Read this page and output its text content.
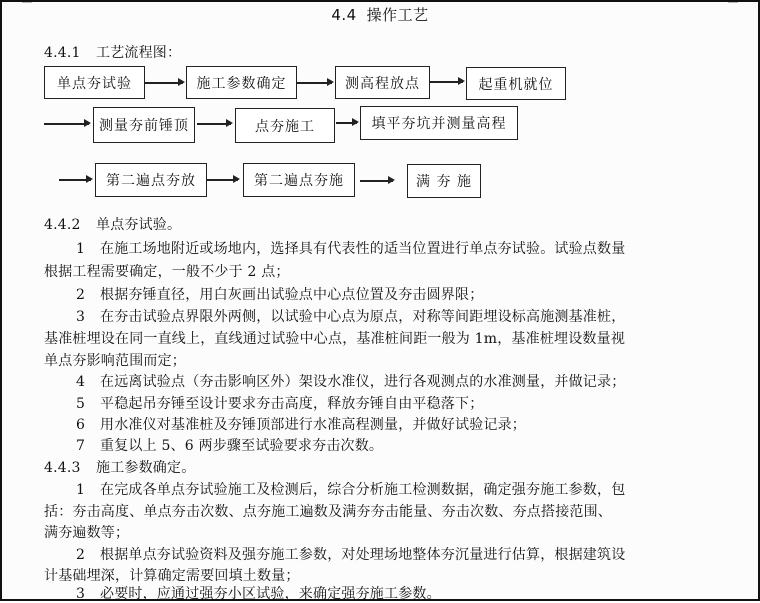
4.4 操作工艺
4.4.1 工艺流程图：
单点夯试验	施工参数确定	测高程放点	起重机就位
测量夯前锤顶	点夯施工	填平夯坑并测量高程
第二遍点夯放	第二遍点夯施	满 夯 施
4.4.2 单点夯试验。
1 在施工场地附近或场地内，选择具有代表性的适当位置进行单点夯试验。试验点数量
根据工程需要确定，一般不少于 2 点；
2 根据夯锤直径，用白灰画出试验点中心点位置及夯击圆界限；
3 在夯击试验点界限外两侧，以试验中心点为原点，对称等间距埋设标高施测基准桩，
基准桩埋设在同一直线上，直线通过试验中心点，基准桩间距一般为 1m，基准桩埋设数量视
单点夯影响范围而定；
4 在远离试验点（夯击影响区外）架设水准仪，进行各观测点的水准测量，并做记录；
5 平稳起吊夯锤至设计要求夯击高度，释放夯锤自由平稳落下；
6 用水准仪对基准桩及夯锤顶部进行水准高程测量，并做好试验记录；
7 重复以上 5、6 两步骤至试验要求夯击次数。
4.4.3 施工参数确定。
1 在完成各单点夯试验施工及检测后，综合分析施工检测数据，确定强夯施工参数，包
括：夯击高度、单点夯击次数、点夯施工遍数及满夯夯击能量、夯击次数、夯点搭接范围、
满夯遍数等；
2 根据单点夯试验资料及强夯施工参数，对处理场地整体夯沉量进行估算，根据建筑设
计基础埋深，计算确定需要回填土数量；
3 必要时，应通过强夯小区试验，来确定强夯施工参数。
